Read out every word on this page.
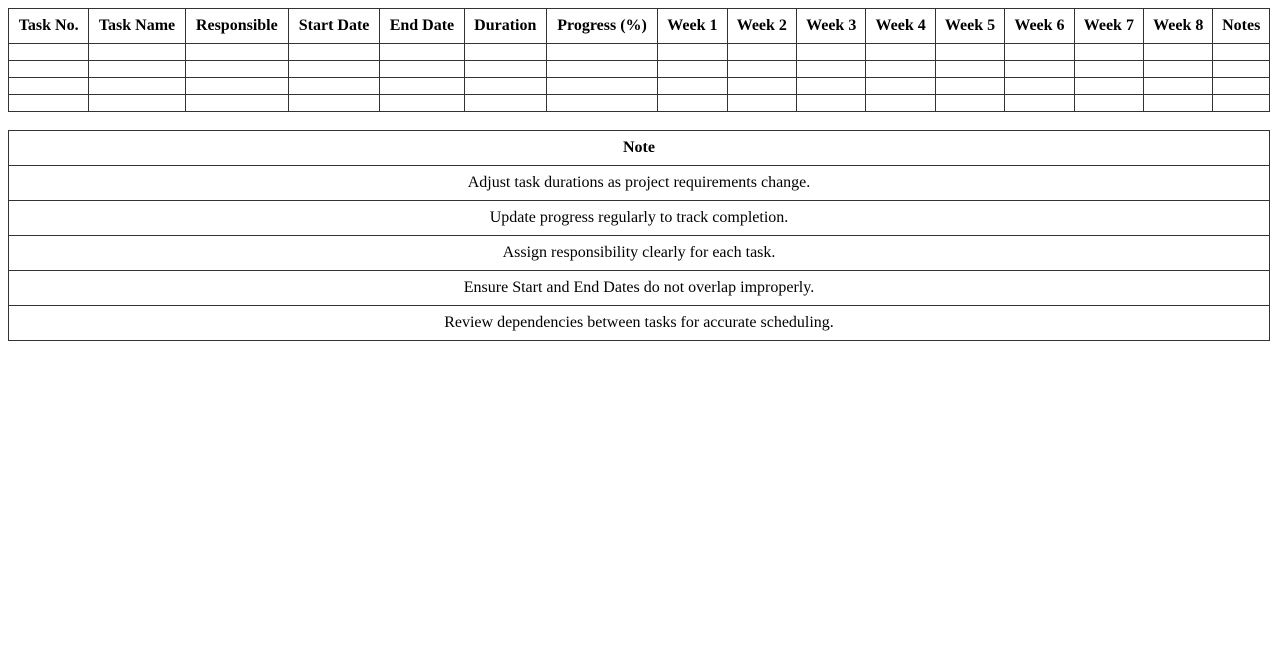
Task No.	Task Name	Responsible	Start Date	End Date	Duration	Progress (%)	Week 1	Week 2	Week 3	Week 4	Week 5	Week 6	Week 7	Week 8	Notes

Note
Adjust task durations as project requirements change.
Update progress regularly to track completion.
Assign responsibility clearly for each task.
Ensure Start and End Dates do not overlap improperly.
Review dependencies between tasks for accurate scheduling.
